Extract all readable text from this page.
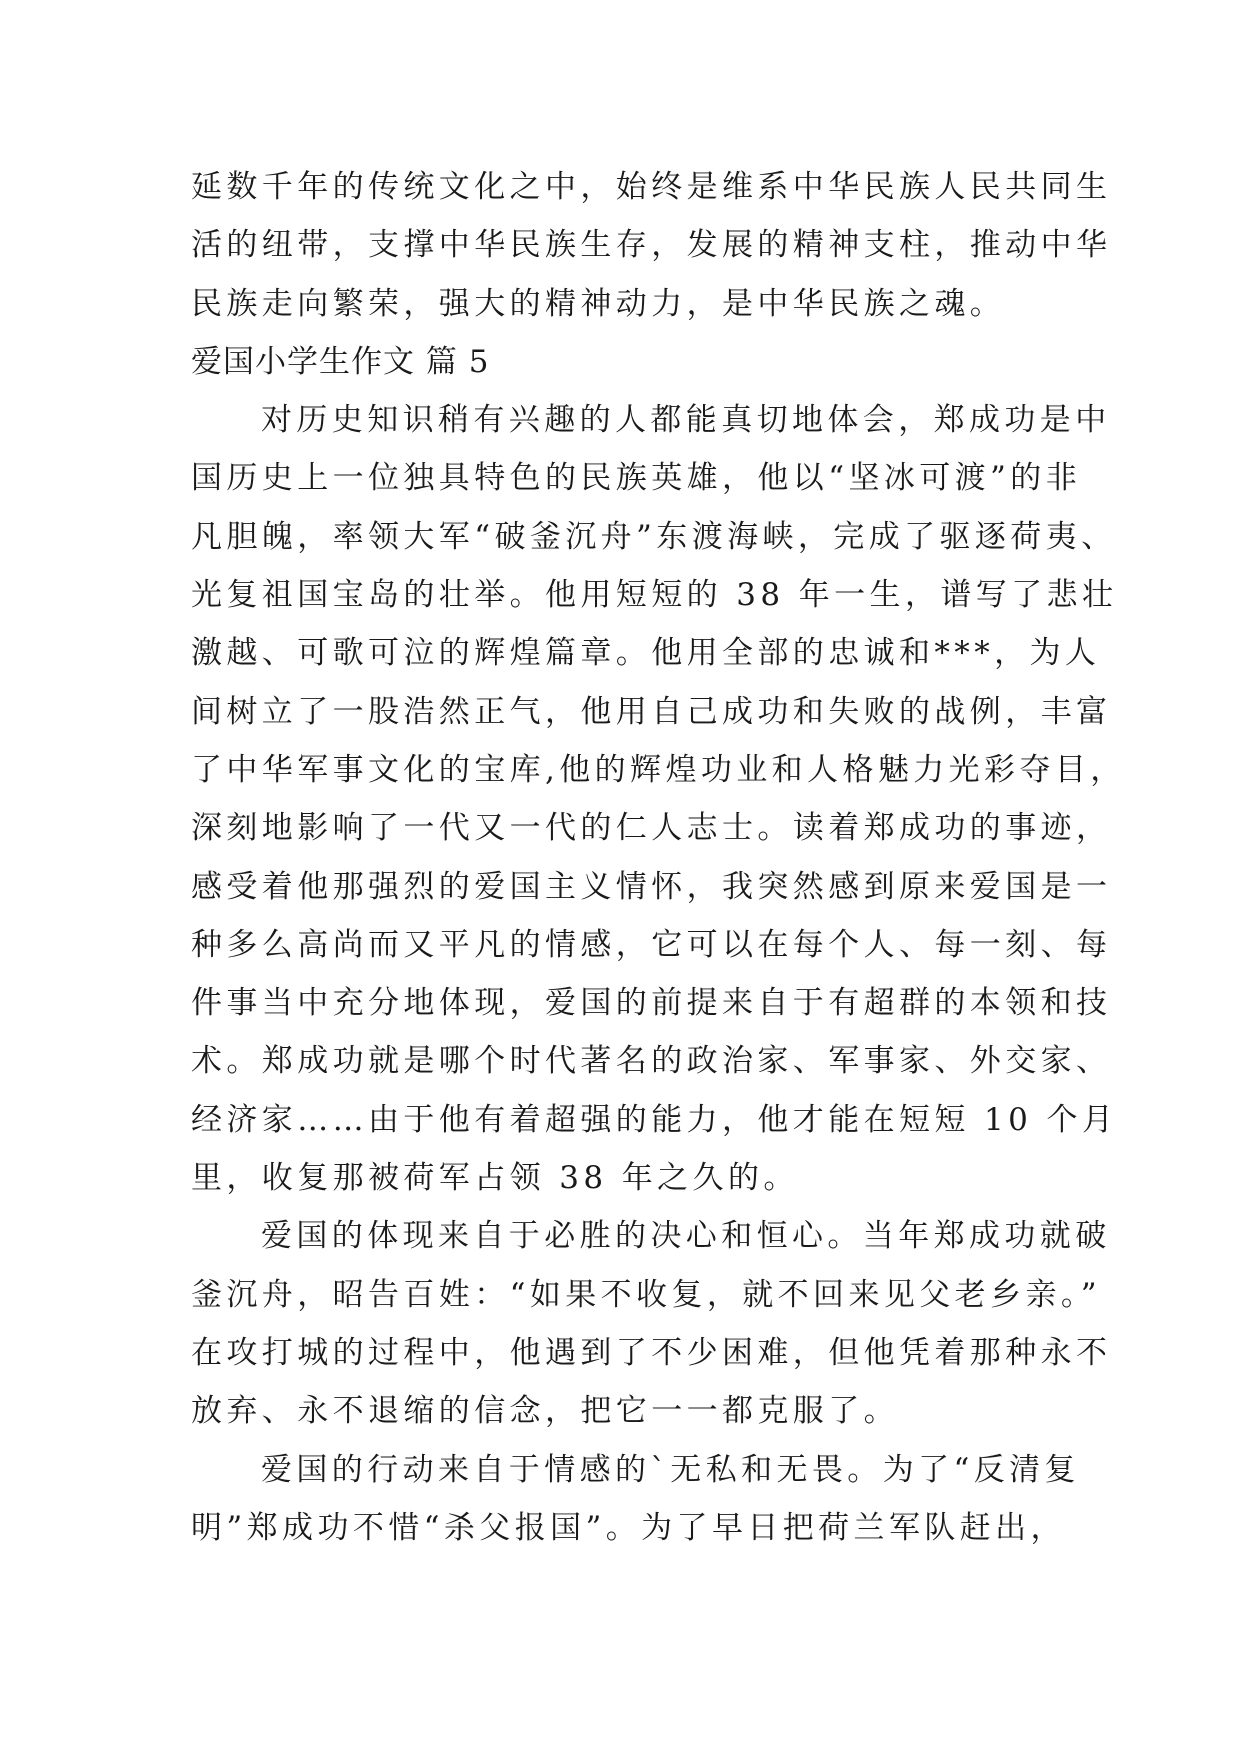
延数千年的传统文化之中，始终是维系中华民族人民共同生
活的纽带，支撑中华民族生存，发展的精神支柱，推动中华
民族走向繁荣，强大的精神动力，是中华民族之魂。
爱国小学生作文 篇 5
对历史知识稍有兴趣的人都能真切地体会，郑成功是中
国历史上一位独具特色的民族英雄，他以“坚冰可渡”的非
凡胆魄，率领大军“破釜沉舟”东渡海峡，完成了驱逐荷夷、
光复祖国宝岛的壮举。他用短短的 38 年一生，谱写了悲壮
激越、可歌可泣的辉煌篇章。他用全部的忠诚和***，为人
间树立了一股浩然正气，他用自己成功和失败的战例，丰富
了中华军事文化的宝库,他的辉煌功业和人格魅力光彩夺目，
深刻地影响了一代又一代的仁人志士。读着郑成功的事迹，
感受着他那强烈的爱国主义情怀，我突然感到原来爱国是一
种多么高尚而又平凡的情感，它可以在每个人、每一刻、每
件事当中充分地体现，爱国的前提来自于有超群的本领和技
术。郑成功就是哪个时代著名的政治家、军事家、外交家、
经济家……由于他有着超强的能力，他才能在短短 10 个月
里，收复那被荷军占领 38 年之久的。
爱国的体现来自于必胜的决心和恒心。当年郑成功就破
釜沉舟，昭告百姓：“如果不收复，就不回来见父老乡亲。”
在攻打城的过程中，他遇到了不少困难，但他凭着那种永不
放弃、永不退缩的信念，把它一一都克服了。
爱国的行动来自于情感的`无私和无畏。为了“反清复
明”郑成功不惜“杀父报国”。为了早日把荷兰军队赶出，
